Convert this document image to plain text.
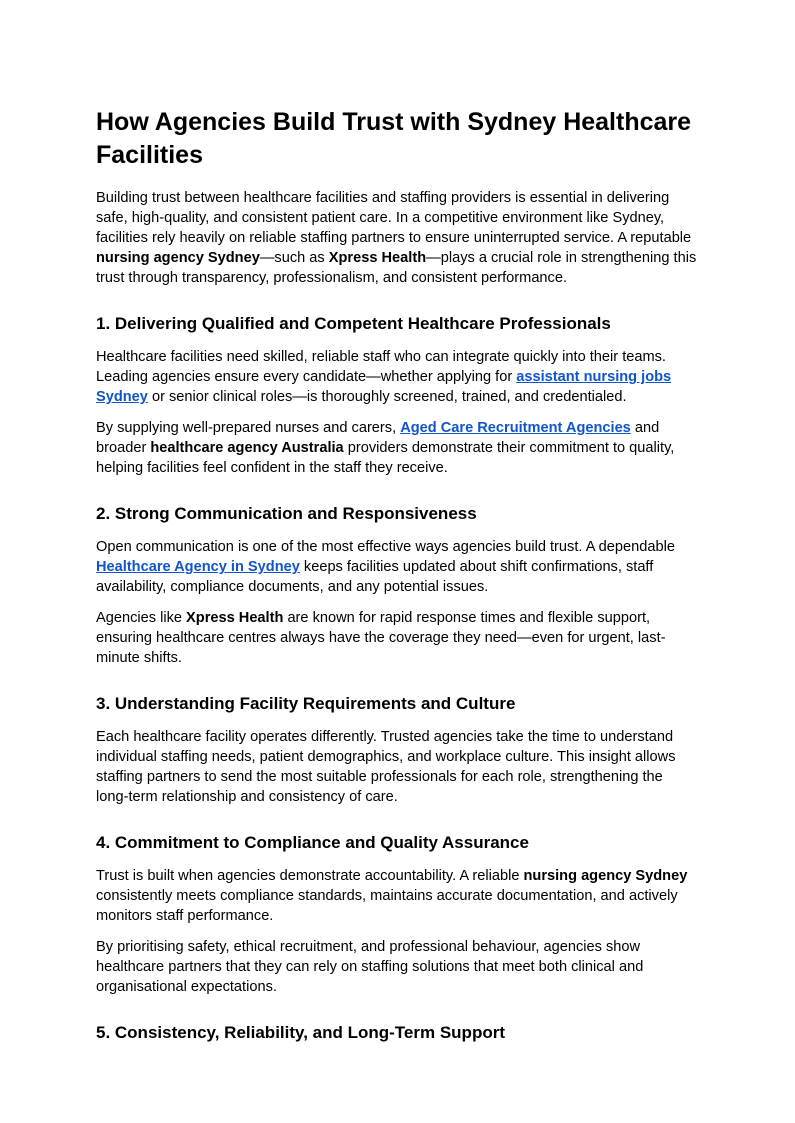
How Agencies Build Trust with Sydney Healthcare Facilities

Building trust between healthcare facilities and staffing providers is essential in delivering safe, high-quality, and consistent patient care. In a competitive environment like Sydney, facilities rely heavily on reliable staffing partners to ensure uninterrupted service. A reputable nursing agency Sydney—such as Xpress Health—plays a crucial role in strengthening this trust through transparency, professionalism, and consistent performance.

1. Delivering Qualified and Competent Healthcare Professionals

Healthcare facilities need skilled, reliable staff who can integrate quickly into their teams. Leading agencies ensure every candidate—whether applying for assistant nursing jobs Sydney or senior clinical roles—is thoroughly screened, trained, and credentialed.

By supplying well-prepared nurses and carers, Aged Care Recruitment Agencies and broader healthcare agency Australia providers demonstrate their commitment to quality, helping facilities feel confident in the staff they receive.

2. Strong Communication and Responsiveness

Open communication is one of the most effective ways agencies build trust. A dependable Healthcare Agency in Sydney keeps facilities updated about shift confirmations, staff availability, compliance documents, and any potential issues.

Agencies like Xpress Health are known for rapid response times and flexible support, ensuring healthcare centres always have the coverage they need—even for urgent, last-minute shifts.

3. Understanding Facility Requirements and Culture

Each healthcare facility operates differently. Trusted agencies take the time to understand individual staffing needs, patient demographics, and workplace culture. This insight allows staffing partners to send the most suitable professionals for each role, strengthening the long-term relationship and consistency of care.

4. Commitment to Compliance and Quality Assurance

Trust is built when agencies demonstrate accountability. A reliable nursing agency Sydney consistently meets compliance standards, maintains accurate documentation, and actively monitors staff performance.

By prioritising safety, ethical recruitment, and professional behaviour, agencies show healthcare partners that they can rely on staffing solutions that meet both clinical and organisational expectations.

5. Consistency, Reliability, and Long-Term Support
